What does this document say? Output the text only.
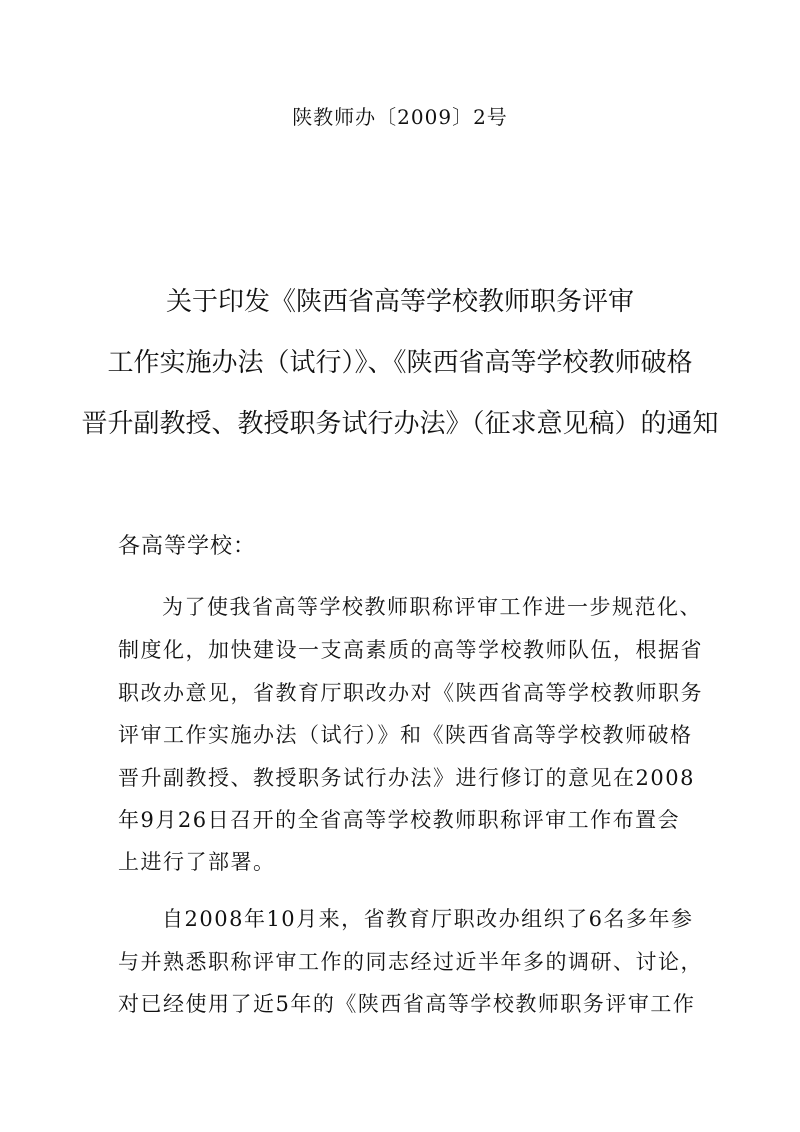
陕教师办〔2009〕2号
关于印发《陕西省高等学校教师职务评审
工作实施办法（试行）》、《陕西省高等学校教师破格
晋升副教授、教授职务试行办法》（征求意见稿）的通知
各高等学校：
为了使我省高等学校教师职称评审工作进一步规范化、
制度化，加快建设一支高素质的高等学校教师队伍，根据省
职改办意见，省教育厅职改办对《陕西省高等学校教师职务
评审工作实施办法（试行）》和《陕西省高等学校教师破格
晋升副教授、教授职务试行办法》进行修订的意见在2008
年9月26日召开的全省高等学校教师职称评审工作布置会
上进行了部署。
自2008年10月来，省教育厅职改办组织了6名多年参
与并熟悉职称评审工作的同志经过近半年多的调研、讨论，
对已经使用了近5年的《陕西省高等学校教师职务评审工作
